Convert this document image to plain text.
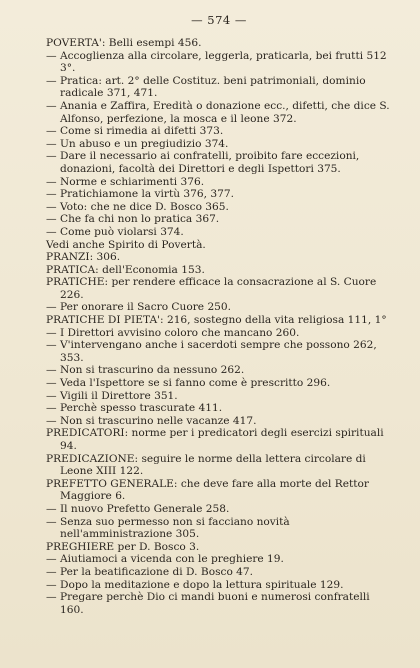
— 574 —

POVERTA': Belli esempi 456.

— Accoglienza alla circolare, leggerla, praticarla, bei frutti 512 3°.

— Pratica: art. 2° delle Costituz. beni patrimoniali, dominio radicale 371, 471.

— Anania e Zaffira, Eredità o donazione ecc., difetti, che dice S. Alfonso, perfezione, la mosca e il leone 372.

— Come si rimedia ai difetti 373.

— Un abuso e un pregiudizio 374.

— Dare il necessario ai confratelli, proibito fare eccezioni, donazioni, facoltà dei Direttori e degli Ispettori 375.

— Norme e schiarimenti 376.

— Pratichiamone la virtù 376, 377.

— Voto: che ne dice D. Bosco 365.

— Che fa chi non lo pratica 367.

— Come può violarsi 374.

Vedi anche Spirito di Povertà.

PRANZI: 306.

PRATICA: dell'Economia 153.

PRATICHE: per rendere efficace la consacrazione al S. Cuore 226.

— Per onorare il Sacro Cuore 250.

PRATICHE DI PIETA': 216, sostegno della vita religiosa 111, 1°

— I Direttori avvisino coloro che mancano 260.

— V'intervengano anche i sacerdoti sempre che possono 262, 353.

— Non si trascurino da nessuno 262.

— Veda l'Ispettore se si fanno come è prescritto 296.

— Vigili il Direttore 351.

— Perchè spesso trascurate 411.

— Non si trascurino nelle vacanze 417.

PREDICATORI: norme per i predicatori degli esercizi spirituali 94.

PREDICAZIONE: seguire le norme della lettera circolare di Leone XIII 122.

PREFETTO GENERALE: che deve fare alla morte del Rettor Maggiore 6.

— Il nuovo Prefetto Generale 258.

— Senza suo permesso non si facciano novità nell'amministrazione 305.

PREGHIERE per D. Bosco 3.

— Aiutiamoci a vicenda con le preghiere 19.

— Per la beatificazione di D. Bosco 47.

— Dopo la meditazione e dopo la lettura spirituale 129.

— Pregare perchè Dio ci mandi buoni e numerosi confratelli 160.
